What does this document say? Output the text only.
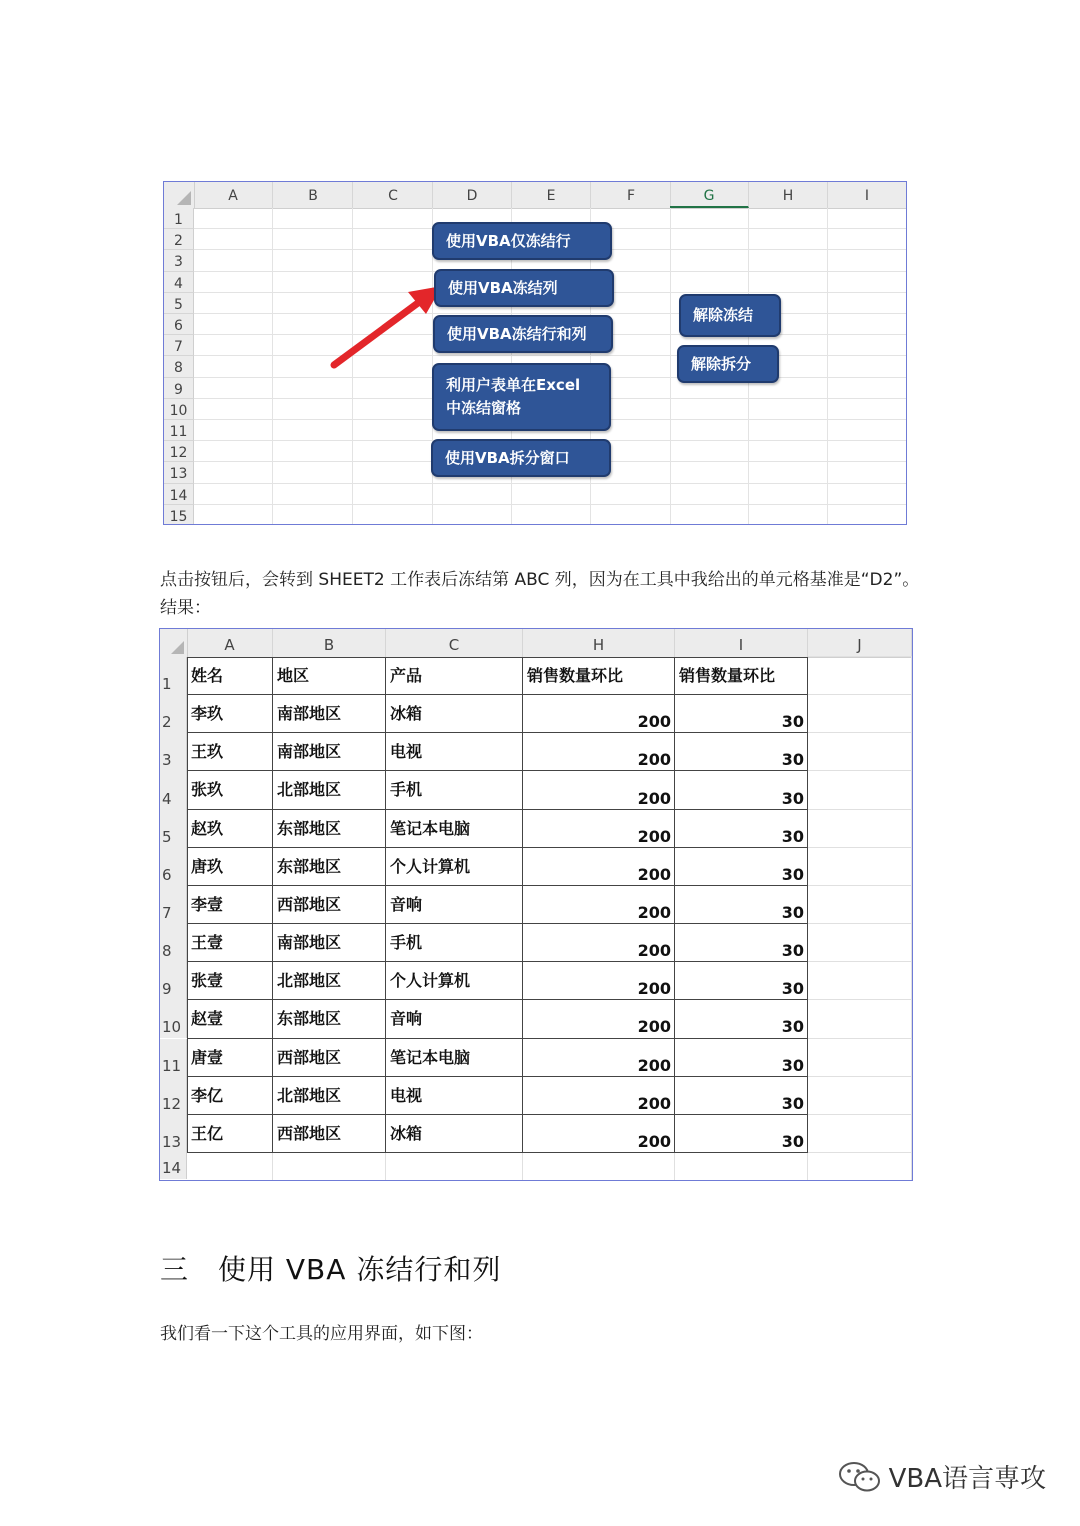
A	B	C	D	E	F	G	H	I
1
2
3
4
5
6
7
8
9
10
11
12
13
14
15
使用VBA仅冻结行
使用VBA冻结列
使用VBA冻结行和列
利用户表单在Excel
中冻结窗格
使用VBA拆分窗口
解除冻结
解除拆分
点击按钮后，会转到 SHEET2 工作表后冻结第 ABC 列，因为在工具中我给出的单元格基准是“D2”。结果：
A	B	C	H	I	J
1
2
3
4
5
6
7
8
9
10
11
12
13
14
姓名	地区	产品	销售数量环比	销售数量环比
李玖	南部地区	冰箱	200	30
王玖	南部地区	电视	200	30
张玖	北部地区	手机	200	30
赵玖	东部地区	笔记本电脑	200	30
唐玖	东部地区	个人计算机	200	30
李壹	西部地区	音响	200	30
王壹	南部地区	手机	200	30
张壹	北部地区	个人计算机	200	30
赵壹	东部地区	音响	200	30
唐壹	西部地区	笔记本电脑	200	30
李亿	北部地区	电视	200	30
王亿	西部地区	冰箱	200	30
三　使用 VBA 冻结行和列
我们看一下这个工具的应用界面，如下图：
VBA语言専攻
